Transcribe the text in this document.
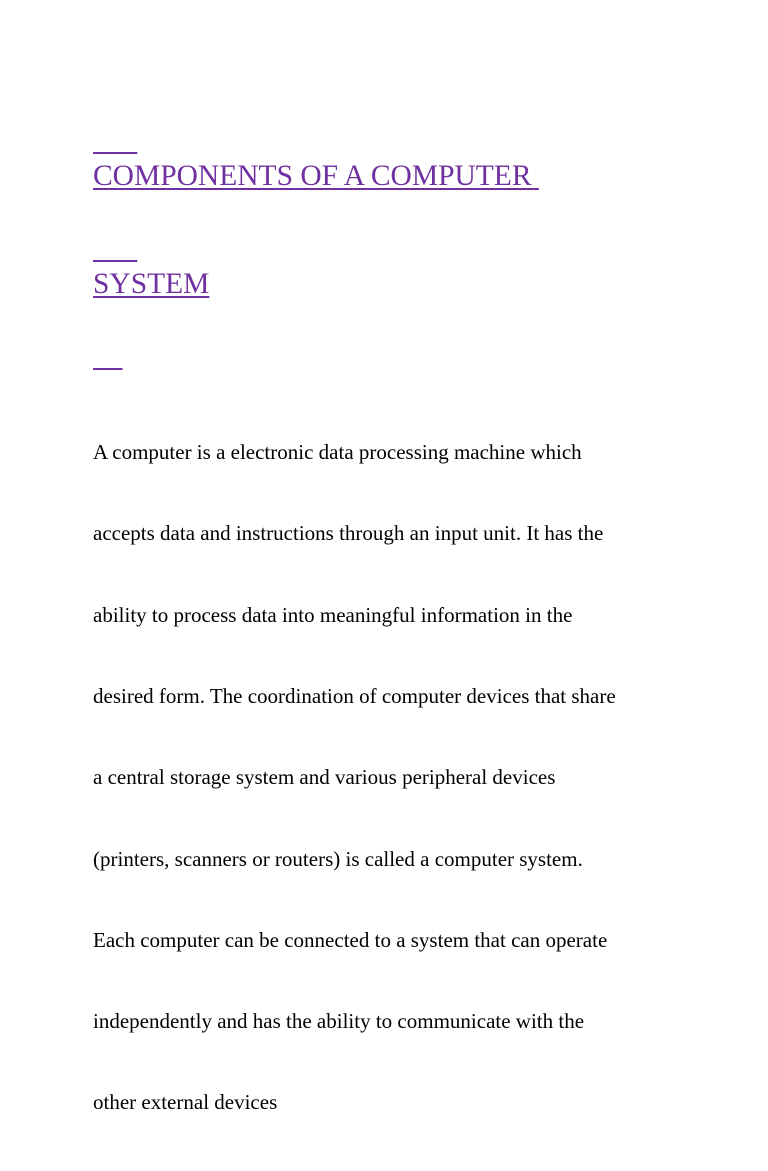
COMPONENTS OF A COMPUTER

SYSTEM

A computer is a electronic data processing machine which

accepts data and instructions through an input unit. It has the

ability to process data into meaningful information in the

desired form. The coordination of computer devices that share

a central storage system and various peripheral devices

(printers, scanners or routers) is called a computer system.

Each computer can be connected to a system that can operate

independently and has the ability to communicate with the

other external devices
